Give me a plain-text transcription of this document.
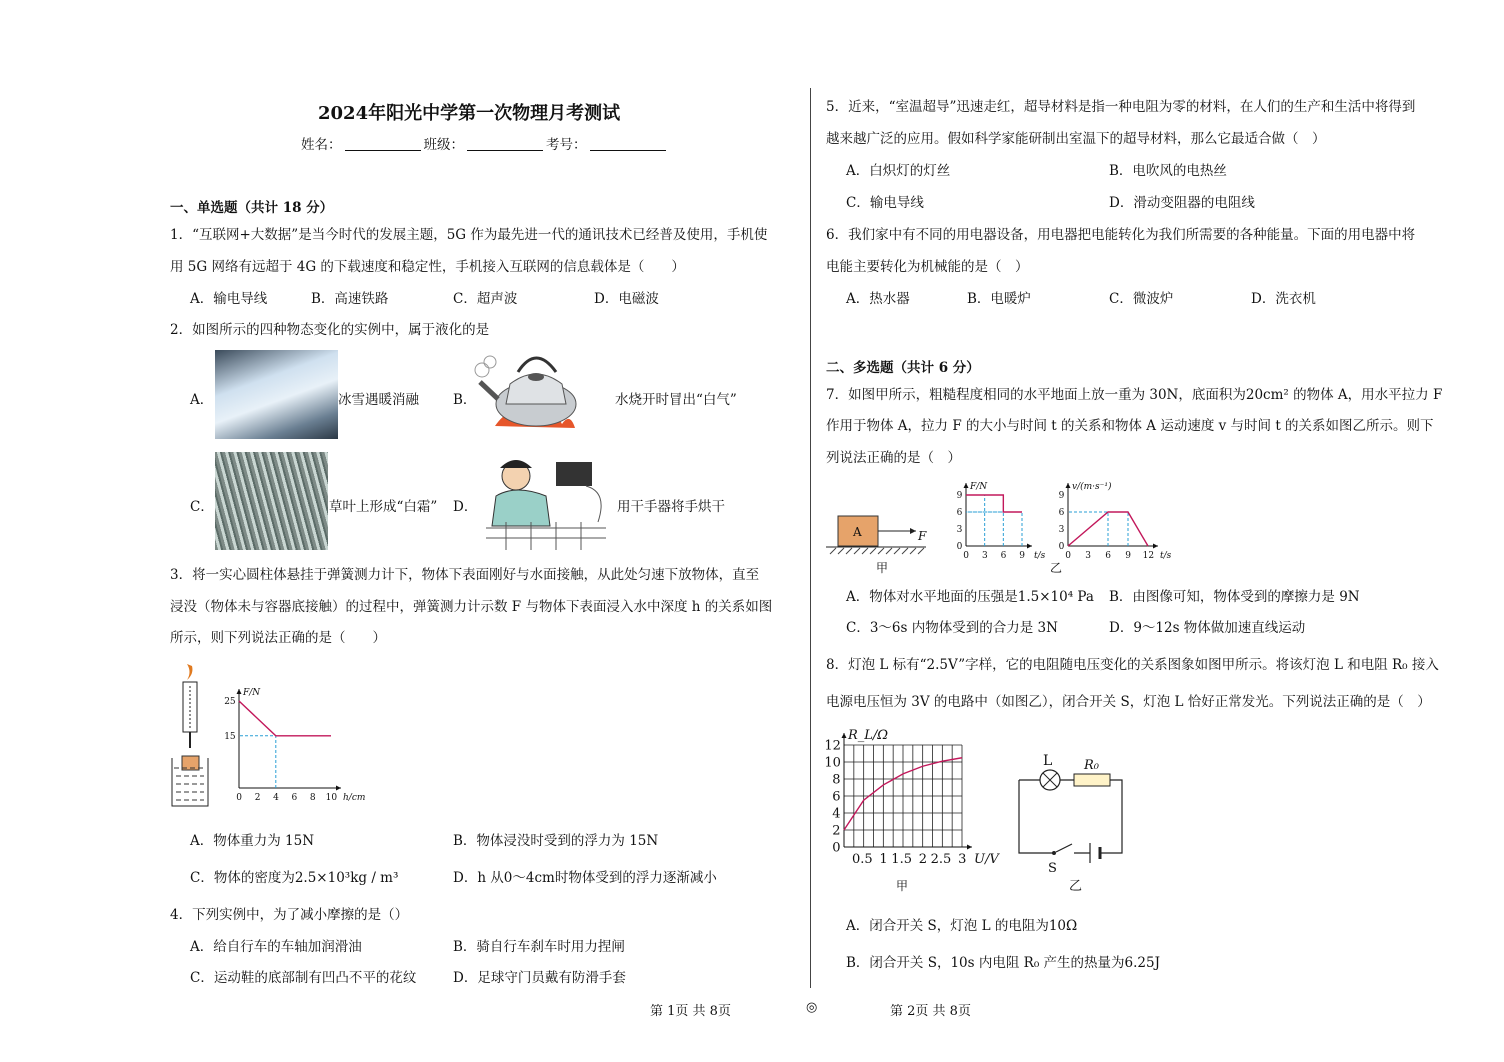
2024年阳光中学第一次物理月考测试
姓名：	班级：	考号：
一、单选题（共计 18 分）
1．“互联网+大数据”是当今时代的发展主题，5G 作为最先进一代的通讯技术已经普及使用，手机使
用 5G 网络有远超于 4G 的下载速度和稳定性，手机接入互联网的信息载体是（　　）
A．输电导线	B．高速铁路	C．超声波	D．电磁波
2．如图所示的四种物态变化的实例中，属于液化的是
A．	冰雪遇暖消融	B．	水烧开时冒出“白气”
C．	草叶上形成“白霜” D．	用干手器将手烘干
3．将一实心圆柱体悬挂于弹簧测力计下，物体下表面刚好与水面接触，从此处匀速下放物体，直至
浸没（物体未与容器底接触）的过程中，弹簧测力计示数 F 与物体下表面浸入水中深度 h 的关系如图
所示，则下列说法正确的是（　　）
0 2 4 6 8 10
15
25
h/cm
F/N
A．物体重力为 15N	B．物体浸没时受到的浮力为 15N
C．物体的密度为2.5×10³kg / m³	D．h 从0～4cm时物体受到的浮力逐渐减小
4．下列实例中，为了减小摩擦的是（）
A．给自行车的车轴加润滑油	B．骑自行车刹车时用力捏闸
C．运动鞋的底部制有凹凸不平的花纹	D．足球守门员戴有防滑手套
5．近来，“室温超导”迅速走红，超导材料是指一种电阻为零的材料，在人们的生产和生活中将得到
越来越广泛的应用。假如科学家能研制出室温下的超导材料，那么它最适合做（　）
A．白炽灯的灯丝	B．电吹风的电热丝
C．输电导线	D．滑动变阻器的电阻线
6．我们家中有不同的用电器设备，用电器把电能转化为我们所需要的各种能量。下面的用电器中将
电能主要转化为机械能的是（　）
A．热水器	B．电暖炉	C．微波炉	D．洗衣机
二、多选题（共计 6 分）
7．如图甲所示，粗糙程度相同的水平地面上放一重为 30N，底面积为20cm² 的物体 A，用水平拉力 F
作用于物体 A，拉力 F 的大小与时间 t 的关系和物体 A 运动速度 v 与时间 t 的关系如图乙所示。则下
列说法正确的是（　）
A	F
甲
0 3 6 9
0
3
6
9
t/s
F/N
0 3 6 9 12
0
3
6
9
t/s
v/(m·s⁻¹)
乙
A．物体对水平地面的压强是1.5×10⁴ Pa B．由图像可知，物体受到的摩擦力是 9N
C．3～6s 内物体受到的合力是 3N	D．9～12s 物体做加速直线运动
8．灯泡 L 标有“2.5V”字样，它的电阻随电压变化的关系图象如图甲所示。将该灯泡 L 和电阻 R₀ 接入
电源电压恒为 3V 的电路中（如图乙），闭合开关 S，灯泡 L 恰好正常发光。下列说法正确的是（　）
0.5 1 1.5 2 2.5 3
0
2
4
6
8
10
12
U/V
R_L/Ω
甲
L R₀
S
乙
A．闭合开关 S，灯泡 L 的电阻为10Ω
B．闭合开关 S，10s 内电阻 R₀ 产生的热量为6.25J
第 1页 共 8页	◎	第 2页 共 8页
